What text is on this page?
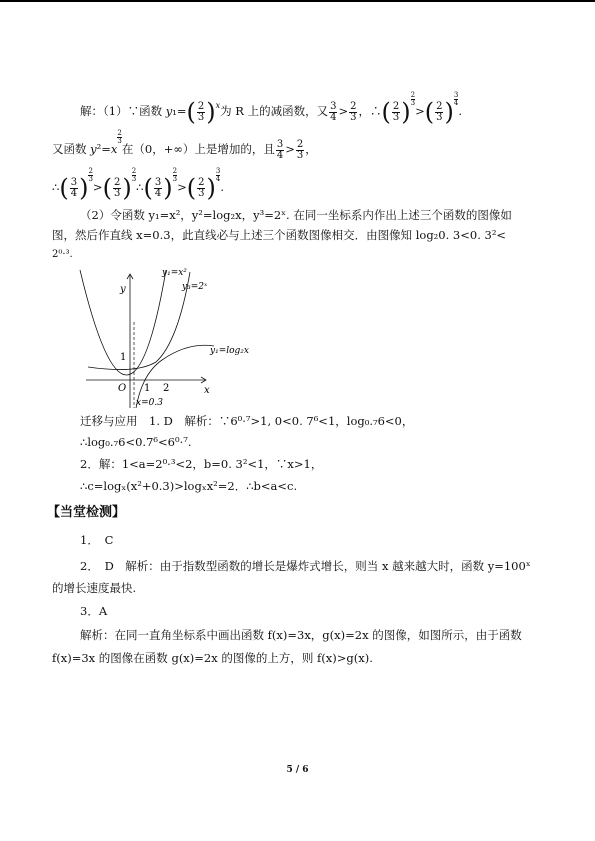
解：（1）∵函数 $y_1=( \frac{2}{3} )^x$为 R 上的减函数，又 $\frac{3}{4} > \frac{2}{3}$ ，∴( $\frac{2}{3}$ ) $\frac{2}{3}$
>( $\frac{2}{3}$ ) $\frac{3}{4}$
.
又函数 y²=x
$\frac{2}{3}$
在（0，+∞）上是增加的，且 $\frac{3}{4} > \frac{2}{3}$ ，
∴( $\frac{3}{4}$ ) $\frac{2}{3}$
>( $\frac{2}{3}$ ) $\frac{2}{3}$
∴( $\frac{3}{4}$ ) $\frac{2}{3}$
>( $\frac{2}{3}$ ) $\frac{3}{4}$
.
（2）令函数 y₁=x²，y²=log₂x，y³=2ˣ. 在同一坐标系内作出上述三个函数的图像如
图，然后作直线 x=0.3，此直线必与上述三个函数图像相交．由图像知 log₂0. 3<0. 3²<
2⁰·³.
y
x
O 1 2
1
y₁=x²
y₃=2ˣ
y₁=log₂x
x=0.3
迁移与应用　1. D　解析：∵6⁰·⁷>1, 0<0. 7⁶<1，log₀.₇6<0，
∴log₀.₇6<0.7⁶<6⁰·⁷.
2．解：1<a=2⁰·³<2，b=0. 3²<1，∵x>1，
∴c=logₓ(x²+0.3)>logₓx²=2．∴b<a<c.
【当堂检测】
1．　C
2．　D　解析：由于指数型函数的增长是爆炸式增长，则当 x 越来越大时，函数 y=100ˣ
的增长速度最快.
3．A
解析：在同一直角坐标系中画出函数 f(x)=3x，g(x)=2x 的图像，如图所示，由于函数
f(x)=3x 的图像在函数 g(x)=2x 的图像的上方，则 f(x)>g(x).
5 / 6
